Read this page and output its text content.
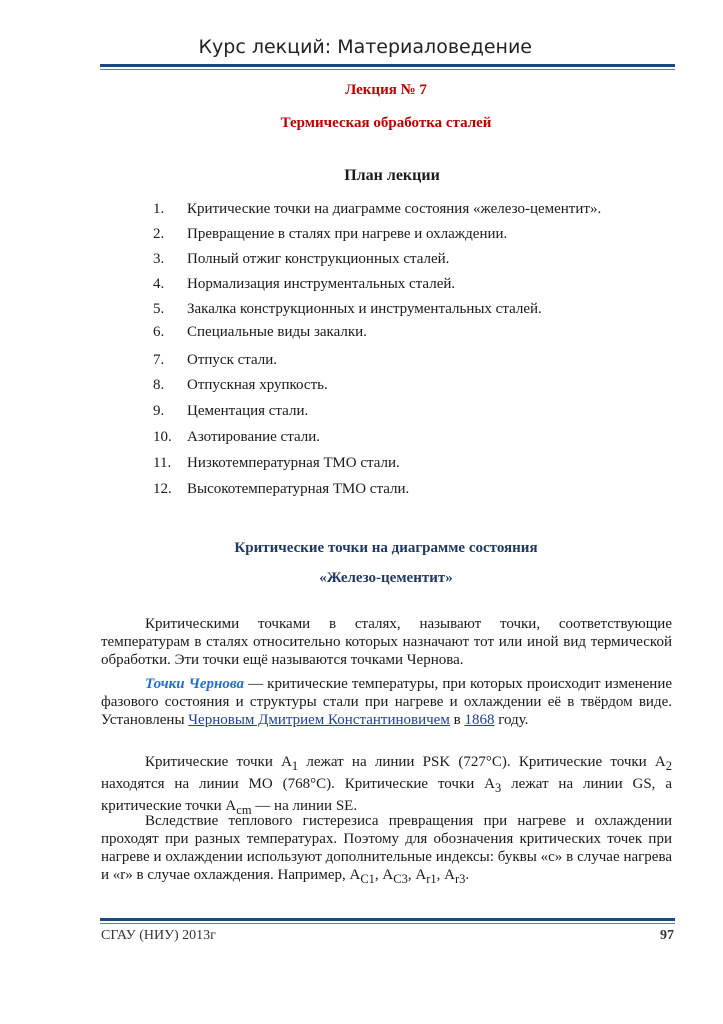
Курс лекций: Материаловедение
Лекция № 7
Термическая обработка сталей
План лекции
1. Критические точки на диаграмме состояния «железо-цементит».
2. Превращение в сталях при нагреве и охлаждении.
3. Полный отжиг конструкционных сталей.
4. Нормализация инструментальных сталей.
5. Закалка конструкционных и инструментальных сталей.
6. Специальные виды закалки.
7. Отпуск стали.
8. Отпускная хрупкость.
9. Цементация стали.
10. Азотирование стали.
11. Низкотемпературная ТМО стали.
12. Высокотемпературная ТМО стали.
Критические точки на диаграмме состояния
«Железо-цементит»
Критическими точками в сталях, называют точки, соответствующие температурам в сталях относительно которых назначают тот или иной вид термической обработки. Эти точки ещё называются точками Чернова.
Точки Чернова — критические температуры, при которых происходит изменение фазового состояния и структуры стали при нагреве и охлаждении её в твёрдом виде. Установлены Черновым Дмитрием Константиновичем в 1868 году.
Критические точки $А_1$ лежат на линии PSK (727°С). Критические точки $А_2$ находятся на линии МО (768°С). Критические точки $А_3$ лежат на линии GS, а критические точки $А_{cm}$ — на линии SE.
Вследствие теплового гистерезиса превращения при нагреве и охлаждении проходят при разных температурах. Поэтому для обозначения критических точек при нагреве и охлаждении используют дополнительные индексы: буквы «с» в случае нагрева и «r» в случае охлаждения. Например, $А_{C1}$, $А_{C3}$, $А_{r1}$, $А_{r3}$.
СГАУ (НИУ) 2013г	97
